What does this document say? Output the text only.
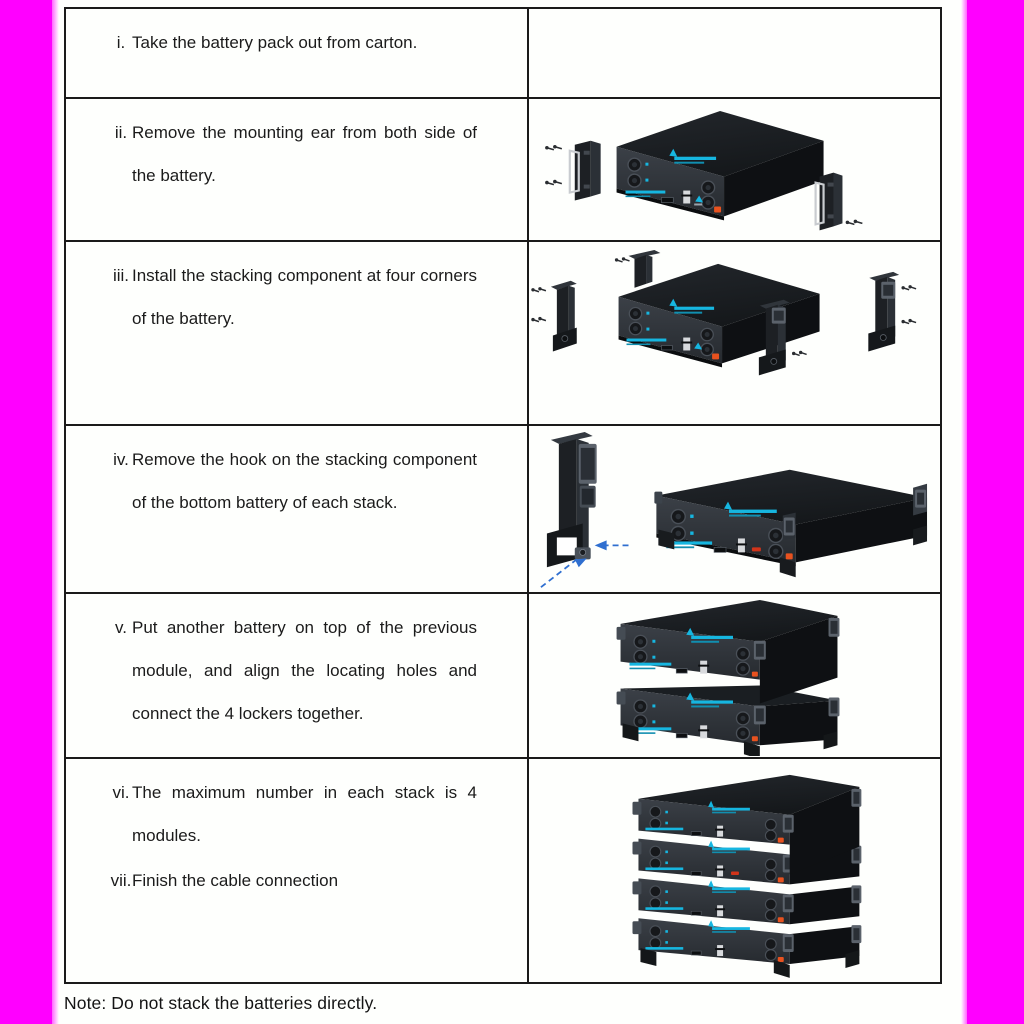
i. Take the battery pack out from carton.
ii. Remove the mounting ear from both side of the battery.
iii. Install the stacking component at four corners of the battery.
iv. Remove the hook on the stacking component of the bottom battery of each stack.
v. Put another battery on top of the previous module, and align the locating holes and connect the 4 lockers together.
vi. The maximum number in each stack is 4 modules.
vii. Finish the cable connection
Note: Do not stack the batteries directly.
